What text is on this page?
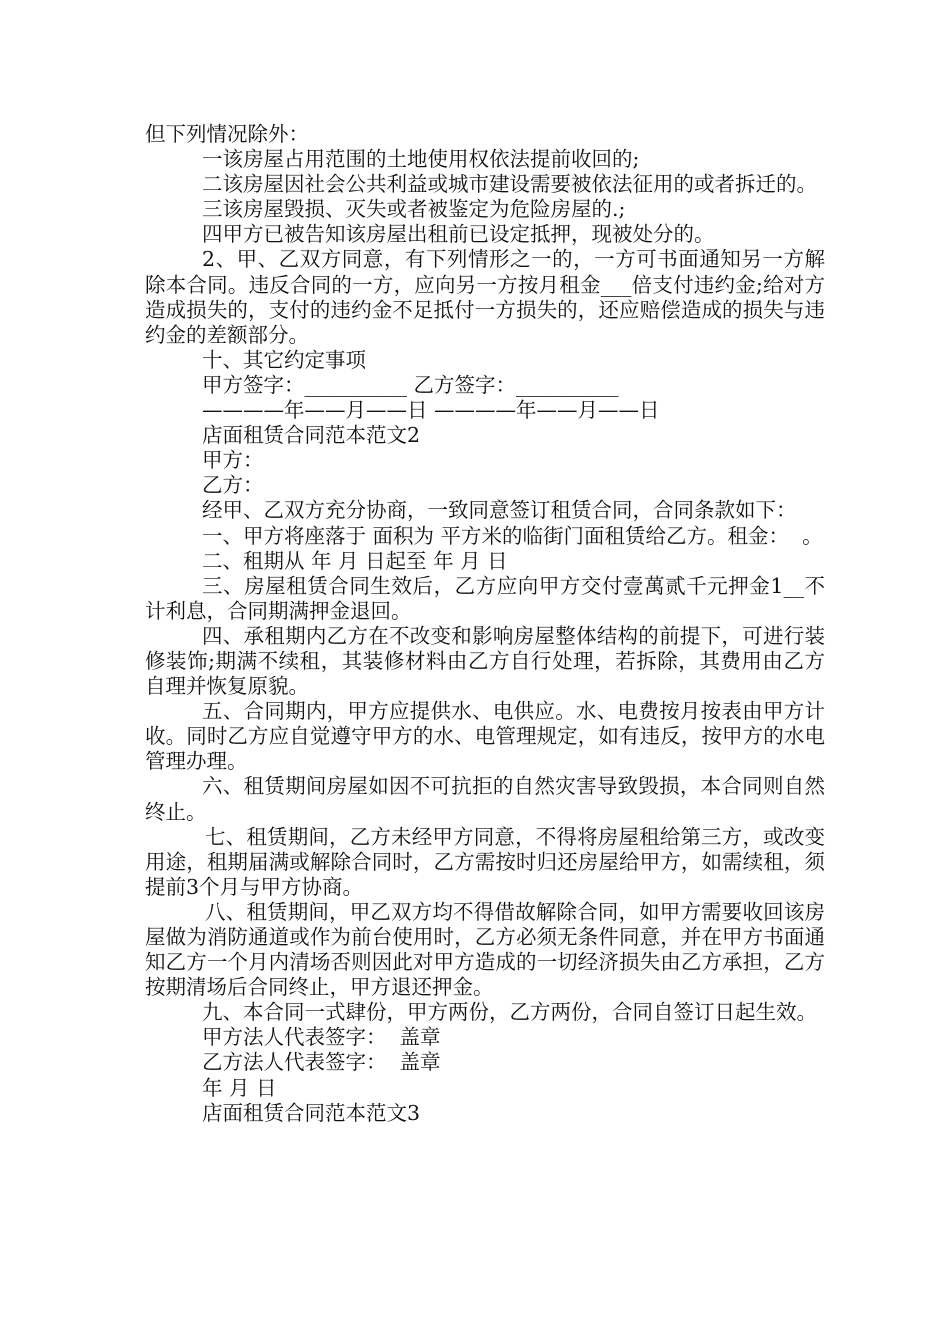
但下列情况除外：

一该房屋占用范围的土地使用权依法提前收回的;

二该房屋因社会公共利益或城市建设需要被依法征用的或者拆迁的。

三该房屋毁损、灭失或者被鉴定为危险房屋的.;

四甲方已被告知该房屋出租前已设定抵押，现被处分的。

2、甲、乙双方同意，有下列情形之一的，一方可书面通知另一方解除本合同。违反合同的一方，应向另一方按月租金___倍支付违约金;给对方造成损失的，支付的违约金不足抵付一方损失的，还应赔偿造成的损失与违约金的差额部分。

十、其它约定事项

甲方签字：__________ 乙方签字：__________

————年——月——日 ————年——月——日

店面租赁合同范本范文2

甲方：

乙方：

经甲、乙双方充分协商，一致同意签订租赁合同，合同条款如下：

一、甲方将座落于 面积为 平方米的临街门面租赁给乙方。租金：  。

二、租期从 年 月 日起至 年 月 日

三、房屋租赁合同生效后，乙方应向甲方交付壹萬贰千元押金1__不计利息，合同期满押金退回。

四、承租期内乙方在不改变和影响房屋整体结构的前提下，可进行装修装饰;期满不续租，其装修材料由乙方自行处理，若拆除，其费用由乙方自理并恢复原貌。

五、合同期内，甲方应提供水、电供应。水、电费按月按表由甲方计收。同时乙方应自觉遵守甲方的水、电管理规定，如有违反，按甲方的水电管理办理。

六、租赁期间房屋如因不可抗拒的自然灾害导致毁损，本合同则自然终止。

七、租赁期间，乙方未经甲方同意，不得将房屋租给第三方，或改变用途，租期届满或解除合同时，乙方需按时归还房屋给甲方，如需续租，须提前3个月与甲方协商。

八、租赁期间，甲乙双方均不得借故解除合同，如甲方需要收回该房屋做为消防通道或作为前台使用时，乙方必须无条件同意，并在甲方书面通知乙方一个月内清场否则因此对甲方造成的一切经济损失由乙方承担，乙方按期清场后合同终止，甲方退还押金。

九、本合同一式肆份，甲方两份，乙方两份，合同自签订日起生效。

甲方法人代表签字：  盖章

乙方法人代表签字：  盖章

年 月 日

店面租赁合同范本范文3
